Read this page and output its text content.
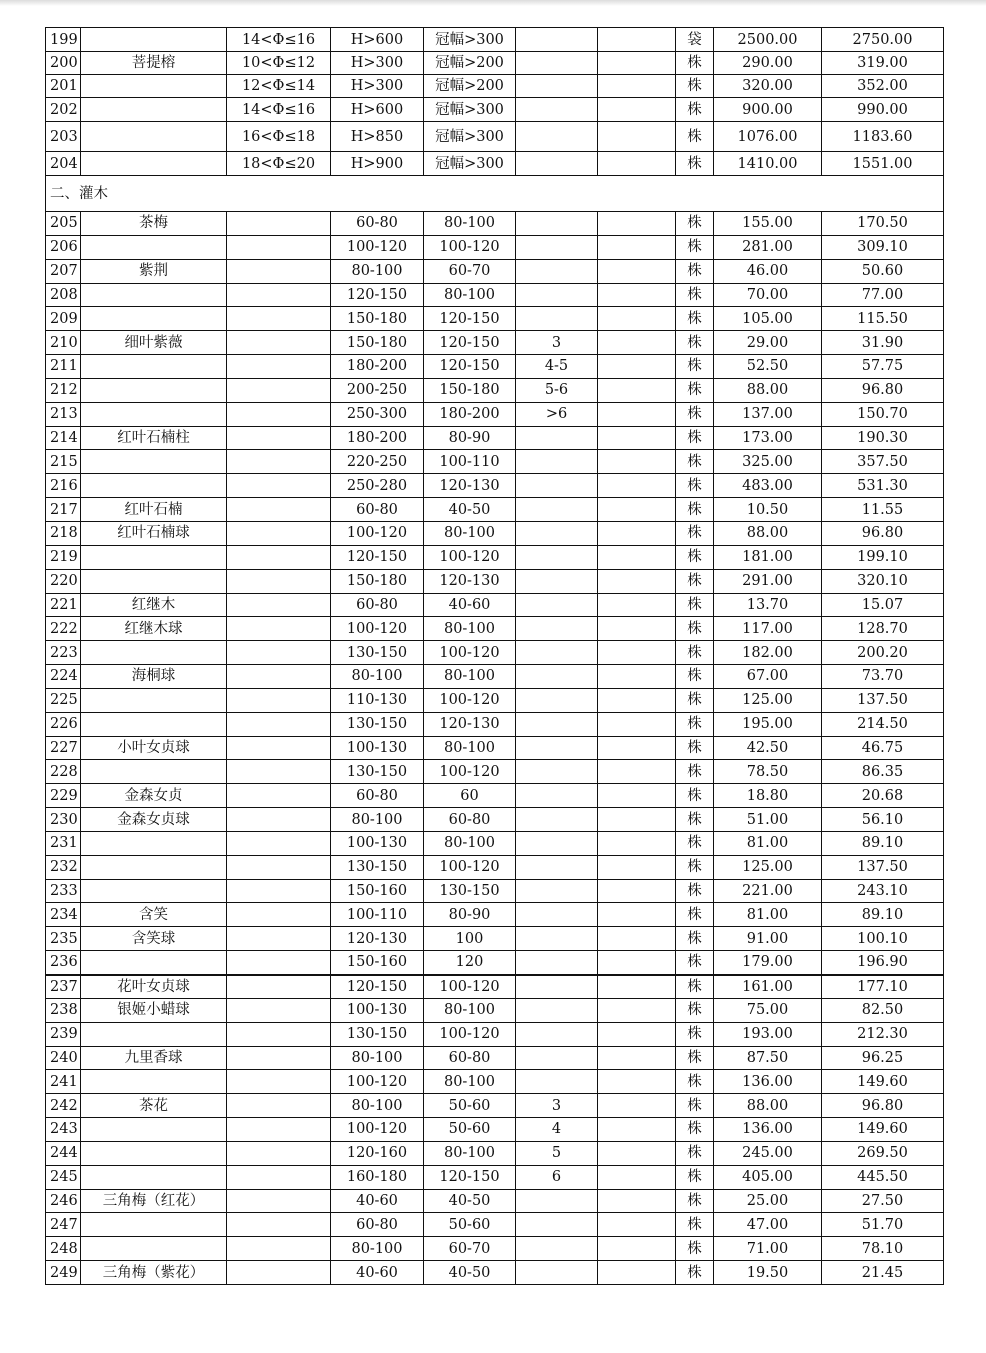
199		14<Φ≤16	H>600	冠幅>300			袋	2500.00	2750.00
200	菩提榕	10<Φ≤12	H>300	冠幅>200			株	290.00	319.00
201		12<Φ≤14	H>300	冠幅>200			株	320.00	352.00
202		14<Φ≤16	H>600	冠幅>300			株	900.00	990.00
203		16<Φ≤18	H>850	冠幅>300			株	1076.00	1183.60
204		18<Φ≤20	H>900	冠幅>300			株	1410.00	1551.00
二、灌木									
205	茶梅		60-80	80-100			株	155.00	170.50
206			100-120	100-120			株	281.00	309.10
207	紫荆		80-100	60-70			株	46.00	50.60
208			120-150	80-100			株	70.00	77.00
209			150-180	120-150			株	105.00	115.50
210	细叶紫薇		150-180	120-150	3		株	29.00	31.90
211			180-200	120-150	4-5		株	52.50	57.75
212			200-250	150-180	5-6		株	88.00	96.80
213			250-300	180-200	>6		株	137.00	150.70
214	红叶石楠柱		180-200	80-90			株	173.00	190.30
215			220-250	100-110			株	325.00	357.50
216			250-280	120-130			株	483.00	531.30
217	红叶石楠		60-80	40-50			株	10.50	11.55
218	红叶石楠球		100-120	80-100			株	88.00	96.80
219			120-150	100-120			株	181.00	199.10
220			150-180	120-130			株	291.00	320.10
221	红继木		60-80	40-60			株	13.70	15.07
222	红继木球		100-120	80-100			株	117.00	128.70
223			130-150	100-120			株	182.00	200.20
224	海桐球		80-100	80-100			株	67.00	73.70
225			110-130	100-120			株	125.00	137.50
226			130-150	120-130			株	195.00	214.50
227	小叶女贞球		100-130	80-100			株	42.50	46.75
228			130-150	100-120			株	78.50	86.35
229	金森女贞		60-80	60			株	18.80	20.68
230	金森女贞球		80-100	60-80			株	51.00	56.10
231			100-130	80-100			株	81.00	89.10
232			130-150	100-120			株	125.00	137.50
233			150-160	130-150			株	221.00	243.10
234	含笑		100-110	80-90			株	81.00	89.10
235	含笑球		120-130	100			株	91.00	100.10
236			150-160	120			株	179.00	196.90
237	花叶女贞球		120-150	100-120			株	161.00	177.10
238	银姬小蜡球		100-130	80-100			株	75.00	82.50
239			130-150	100-120			株	193.00	212.30
240	九里香球		80-100	60-80			株	87.50	96.25
241			100-120	80-100			株	136.00	149.60
242	茶花		80-100	50-60	3		株	88.00	96.80
243			100-120	50-60	4		株	136.00	149.60
244			120-160	80-100	5		株	245.00	269.50
245			160-180	120-150	6		株	405.00	445.50
246	三角梅（红花）		40-60	40-50			株	25.00	27.50
247			60-80	50-60			株	47.00	51.70
248			80-100	60-70			株	71.00	78.10
249	三角梅（紫花）		40-60	40-50			株	19.50	21.45
